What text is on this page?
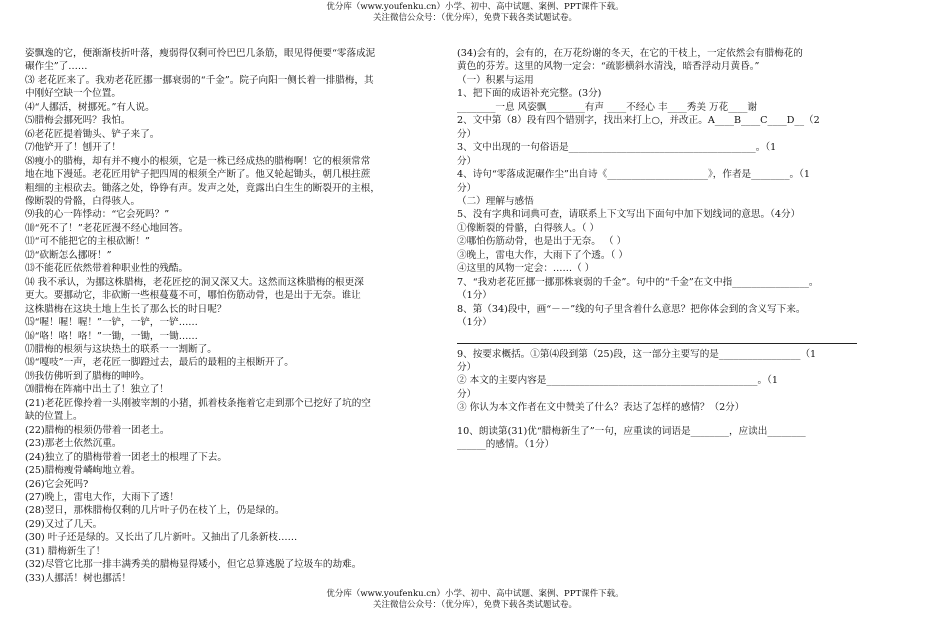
优分库（www.youfenku.cn）小学、初中、高中试题、案例、PPT课件下载。
关注微信公众号：（优分库），免费下载各类试题试卷。
姿飘逸的它，便渐渐枝折叶落，瘦弱得仅剩可怜巴巴几条筋，眼见得便要“零落成泥
碾作尘”了……
⑶ 老花匠来了。我劝老花匠挪一挪衰弱的“千金”。院子向阳一侧长着一排腊梅，其
中刚好空缺一个位置。
⑷“人挪活，树挪死。”有人说。
⑸腊梅会挪死吗？我怕。
⑹老花匠提着锄头、铲子来了。
⑺他铲开了！刨开了！
⑻瘦小的腊梅，却有并不瘦小的根须，它是一株已经成热的腊梅啊！它的根须常常
地在地下漫延。老花匠用铲子把四周的根须全产断了。他又轮起锄头，朝几根拄蔗
粗细的主根砍去。锄落之处，铮铮有声。发声之处，竟露出白生生的断裂开的主根，
像断裂的骨骼，白得骇人。
⑼我的心一阵悸动：“它会死吗？”
⑽“死不了！”老花匠漫不经心地回答。
⑾“可不能把它的主根砍断！”
⑿“砍断怎么挪呀！”
⒀不能花匠依然带着种职业性的残酷。
⒁ 我不承认，为挪这株腊梅，老花匠挖的洞又深又大。这然而这株腊梅的根更深
更大。要挪动它，非砍断一些根蔓蔓不可，哪怕伤筋动骨，也是出于无奈。谁让
这株腊梅在这块土地上生长了那么长的时日呢？
⒂“喔！喔！喔！”一铲，一铲，一铲……
⒃“咯！咯！咯！”一锄，一锄，一锄……
⒄腊梅的根须与这块热土的联系一一割断了。
⒅“嘎吱”一声，老花匠一脚蹬过去，最后的最粗的主根断开了。
⒆我仿佛听到了腊梅的呻吟。
⒇腊梅在阵痛中出土了！独立了！
(21)老花匠像拎着一头刚被宰割的小猪，抓着枝条拖着它走到那个已挖好了坑的空
缺的位置上。
(22)腊梅的根须仍带着一团老土。
(23)那老土依然沉重。
(24)独立了的腊梅带着一团老土的根埋了下去。
(25)腊梅瘦骨嶙峋地立着。
(26)它会死吗?
(27)晚上，雷电大作，大雨下了透！
(28)翌日，那株腊梅仅剩的几片叶子仍在枝丫上，仍是绿的。
(29)又过了几天。
(30) 叶子还是绿的。又长出了几片新叶。又抽出了几条新枝……
(31) 腊梅新生了！
(32)尽管它比那一排丰满秀美的腊梅显得矮小，但它总算逃脱了垃圾车的劫难。
(33)人挪活！树也挪活！
(34)会有的，会有的，在万花纷谢的冬天，在它的干枝上，一定依然会有腊梅花的
黄色的芬芳。这里的风物一定会：“疏影横斜水清浅，暗香浮动月黄昏。”
（一）积累与运用
1、把下面的成语补充完整。(3分)
________一息 风姿飘________有声 ____不经心 丰____秀美 万花____谢
2、文中第（8）段有四个错别字，找出来打上○，并改正。A____B____C____D__（2
分）
3、文中出现的一句俗语是_______________________________________。（1
分）
4、诗句“零落成泥碾作尘”出自诗《_____________________》，作者是________。（1
分）
（二）理解与感悟
5、没有字典和词典可查，请联系上下文写出下面句中加下划线词的意思。（4分）
①像断裂的骨骼，白得骇人。（ ）
②哪怕伤筋动骨，也是出于无奈。 （ ）
③晚上，雷电大作，大雨下了个透。（ ）
④这里的风物一定会：……（ ）
7、“我劝老花匠挪一挪那株衰弱的千金”。句中的“千金”在文中指________________。
（1分）
8、第（34)段中，画“－－”线的句子里含着什么意思？把你体会到的含义写下来。
（1分）
9、按要求概括。①第⑷段到第（25)段，这一部分主要写的是_________________（1
分）
② 本文的主要内容是____________________________________________。（1
分）
③ 你认为本文作者在文中赞美了什么？表达了怎样的感情？（2分）
10、朗读第(31)优“腊梅新生了”一句，应重读的词语是________，应读出________
______的感情。（1分）
优分库（www.youfenku.cn）小学、初中、高中试题、案例、PPT课件下载。
关注微信公众号：（优分库），免费下载各类试题试卷。
